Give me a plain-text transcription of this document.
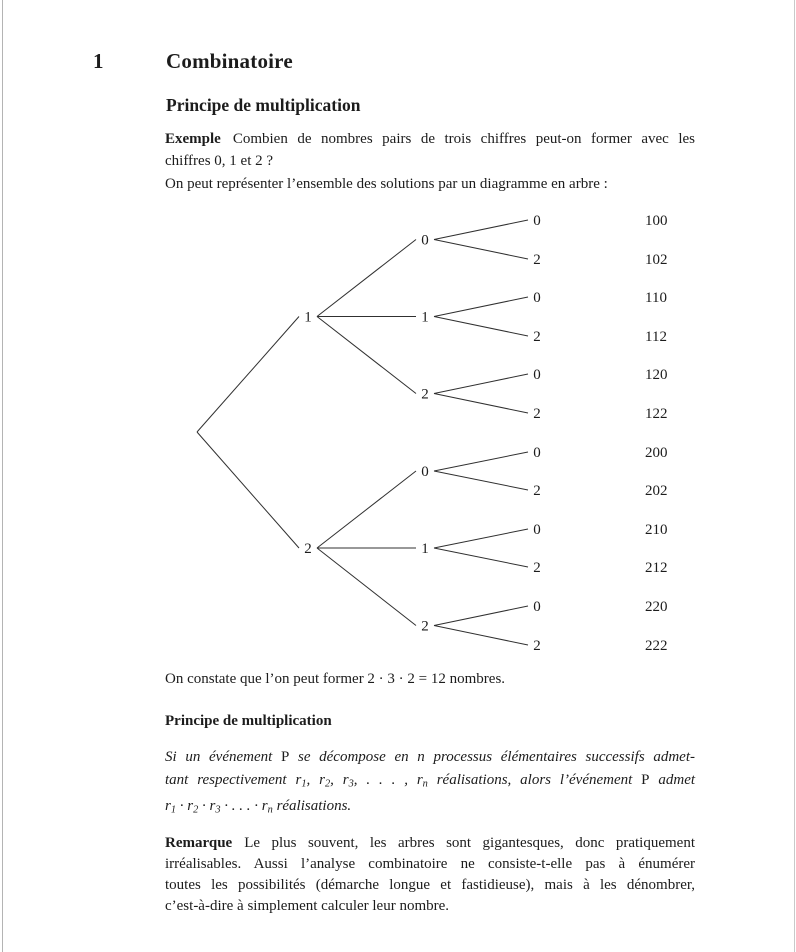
1	Combinatoire
Principe de multiplication
Exemple Combien de nombres pairs de trois chiffres peut-on former avec les
chiffres 0, 1 et 2 ?
On peut représenter l’ensemble des solutions par un diagramme en arbre :
1
0
0	100
2	102
1
0	110
2	112
2
0	120
2	122
2
0
0	200
2	202
1
0	210
2	212
2
0	220
2	222
On constate que l’on peut former 2 · 3 · 2 = 12 nombres.
Principe de multiplication
Si un événement P se décompose en n processus élémentaires successifs admet-
tant respectivement r1, r2, r3, . . . , rn réalisations, alors l’événement P admet
r1 · r2 · r3 · . . . · rn réalisations.
Remarque Le plus souvent, les arbres sont gigantesques, donc pratiquement
irréalisables. Aussi l’analyse combinatoire ne consiste-t-elle pas à énumérer
toutes les possibilités (démarche longue et fastidieuse), mais à les dénombrer,
c’est-à-dire à simplement calculer leur nombre.
